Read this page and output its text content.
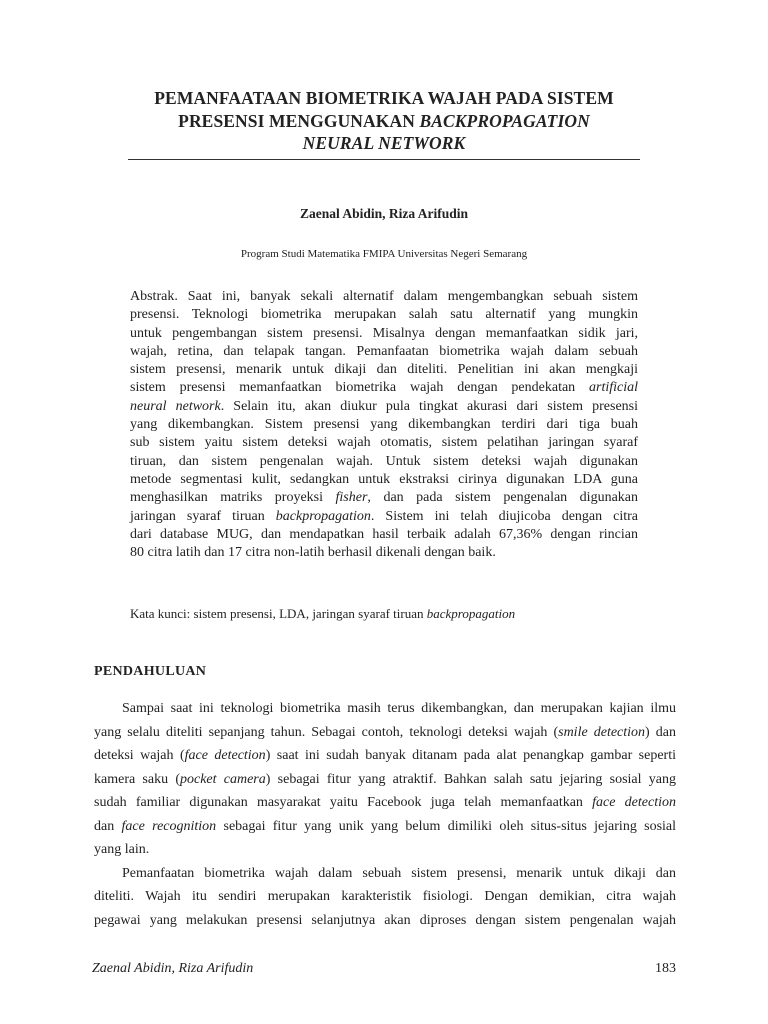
PEMANFAATAAN BIOMETRIKA WAJAH PADA SISTEM
PRESENSI MENGGUNAKAN BACKPROPAGATION
NEURAL NETWORK
Zaenal Abidin, Riza Arifudin
Program Studi Matematika FMIPA Universitas Negeri Semarang
Abstrak. Saat ini, banyak sekali alternatif dalam mengembangkan sebuah sistem
presensi. Teknologi biometrika merupakan salah satu alternatif yang mungkin
untuk pengembangan sistem presensi. Misalnya dengan memanfaatkan sidik jari,
wajah, retina, dan telapak tangan. Pemanfaatan biometrika wajah dalam sebuah
sistem presensi, menarik untuk dikaji dan diteliti. Penelitian ini akan mengkaji
sistem presensi memanfaatkan biometrika wajah dengan pendekatan artificial
neural network. Selain itu, akan diukur pula tingkat akurasi dari sistem presensi
yang dikembangkan. Sistem presensi yang dikembangkan terdiri dari tiga buah
sub sistem yaitu sistem deteksi wajah otomatis, sistem pelatihan jaringan syaraf
tiruan, dan sistem pengenalan wajah. Untuk sistem deteksi wajah digunakan
metode segmentasi kulit, sedangkan untuk ekstraksi cirinya digunakan LDA guna
menghasilkan matriks proyeksi fisher, dan pada sistem pengenalan digunakan
jaringan syaraf tiruan backpropagation. Sistem ini telah diujicoba dengan citra
dari database MUG, dan mendapatkan hasil terbaik adalah 67,36% dengan rincian
80 citra latih dan 17 citra non-latih berhasil dikenali dengan baik.
Kata kunci: sistem presensi, LDA, jaringan syaraf tiruan backpropagation
PENDAHULUAN
Sampai saat ini teknologi biometrika masih terus dikembangkan, dan merupakan kajian ilmu
yang selalu diteliti sepanjang tahun. Sebagai contoh, teknologi deteksi wajah (smile detection) dan
deteksi wajah (face detection) saat ini sudah banyak ditanam pada alat penangkap gambar seperti
kamera saku (pocket camera) sebagai fitur yang atraktif. Bahkan salah satu jejaring sosial yang
sudah familiar digunakan masyarakat yaitu Facebook juga telah memanfaatkan face detection
dan face recognition sebagai fitur yang unik yang belum dimiliki oleh situs-situs jejaring sosial
yang lain.
Pemanfaatan biometrika wajah dalam sebuah sistem presensi, menarik untuk dikaji dan
diteliti. Wajah itu sendiri merupakan karakteristik fisiologi. Dengan demikian, citra wajah
pegawai yang melakukan presensi selanjutnya akan diproses dengan sistem pengenalan wajah
Zaenal Abidin, Riza Arifudin	183
